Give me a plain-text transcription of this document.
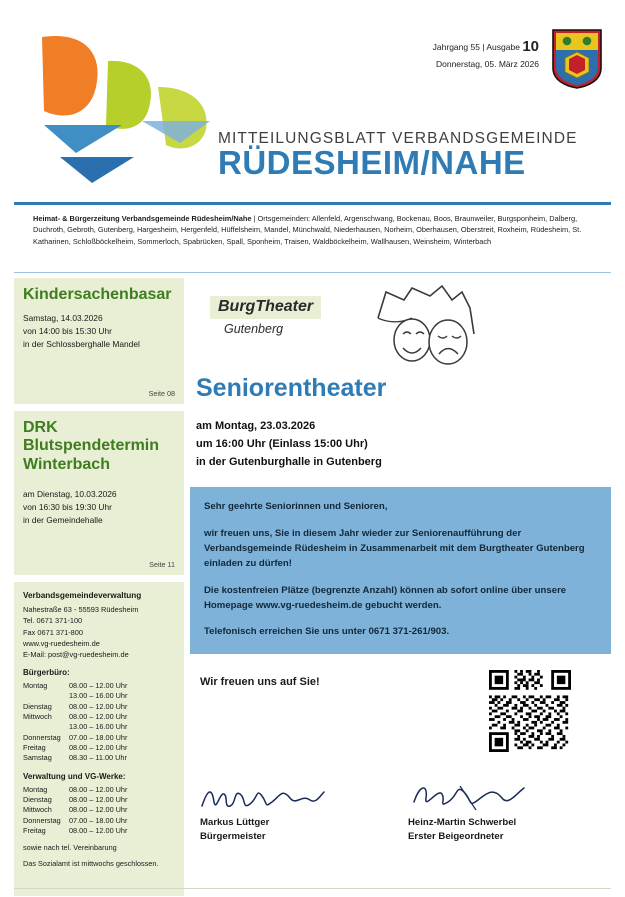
Jahrgang 55 | Ausgabe 10
Donnerstag, 05. März 2026
MITTEILUNGSBLATT VERBANDSGEMEINDE
RÜDESHEIM/NAHE
Heimat- & Bürgerzeitung Verbandsgemeinde Rüdesheim/Nahe | Ortsgemeinden: Allenfeld, Argenschwang, Bockenau, Boos, Braunweiler, Burgsponheim, Dalberg, Duchroth, Gebroth, Gutenberg, Hargesheim, Hergenfeld, Hüffelsheim, Mandel, Münchwald, Niederhausen, Norheim, Oberhausen, Oberstreit, Roxheim, Rüdesheim, St. Katharinen, Schloßböckelheim, Sommerloch, Spabrücken, Spall, Sponheim, Traisen, Waldböckelheim, Wallhausen, Weinsheim, Winterbach
Kindersachenbasar
Samstag, 14.03.2026
von 14:00 bis 15:30 Uhr
in der Schlossberghalle Mandel
Seite 08
DRK Blutspendetermin Winterbach
am Dienstag, 10.03.2026
von 16:30 bis 19:30 Uhr
in der Gemeindehalle
Seite 11
Verbandsgemeindeverwaltung
Nahestraße 63 - 55593 Rüdesheim
Tel. 0671 371-100
Fax 0671 371-800
www.vg-ruedesheim.de
E-Mail: post@vg-ruedesheim.de
Bürgerbüro:
Montag	08.00 – 12.00 Uhr
	13.00 – 16.00 Uhr
Dienstag	08.00 – 12.00 Uhr
Mittwoch	08.00 – 12.00 Uhr
	13.00 – 16.00 Uhr
Donnerstag	07.00 – 18.00 Uhr
Freitag	08.00 – 12.00 Uhr
Samstag	08.30 – 11.00 Uhr
Verwaltung und VG-Werke:
Montag	08.00 – 12.00 Uhr
Dienstag	08.00 – 12.00 Uhr
Mittwoch	08.00 – 12.00 Uhr
Donnerstag	07.00 – 18.00 Uhr
Freitag	08.00 – 12.00 Uhr
sowie nach tel. Vereinbarung
Das Sozialamt ist mittwochs geschlossen.
BurgTheater
Gutenberg
Seniorentheater
am Montag, 23.03.2026
um 16:00 Uhr (Einlass 15:00 Uhr)
in der Gutenburghalle in Gutenberg

Sehr geehrte Seniorinnen und Senioren,

wir freuen uns, Sie in diesem Jahr wieder zur Seniorenaufführung der Verbandsgemeinde Rüdesheim in Zusammenarbeit mit dem Burgtheater Gutenberg einladen zu dürfen!

Die kostenfreien Plätze (begrenzte Anzahl) können ab sofort online über unsere Homepage www.vg-ruedesheim.de gebucht werden.

Telefonisch erreichen Sie uns unter 0671 371-261/903.

Wir freuen uns auf Sie!
Markus Lüttger
Bürgermeister
Heinz-Martin Schwerbel
Erster Beigeordneter
